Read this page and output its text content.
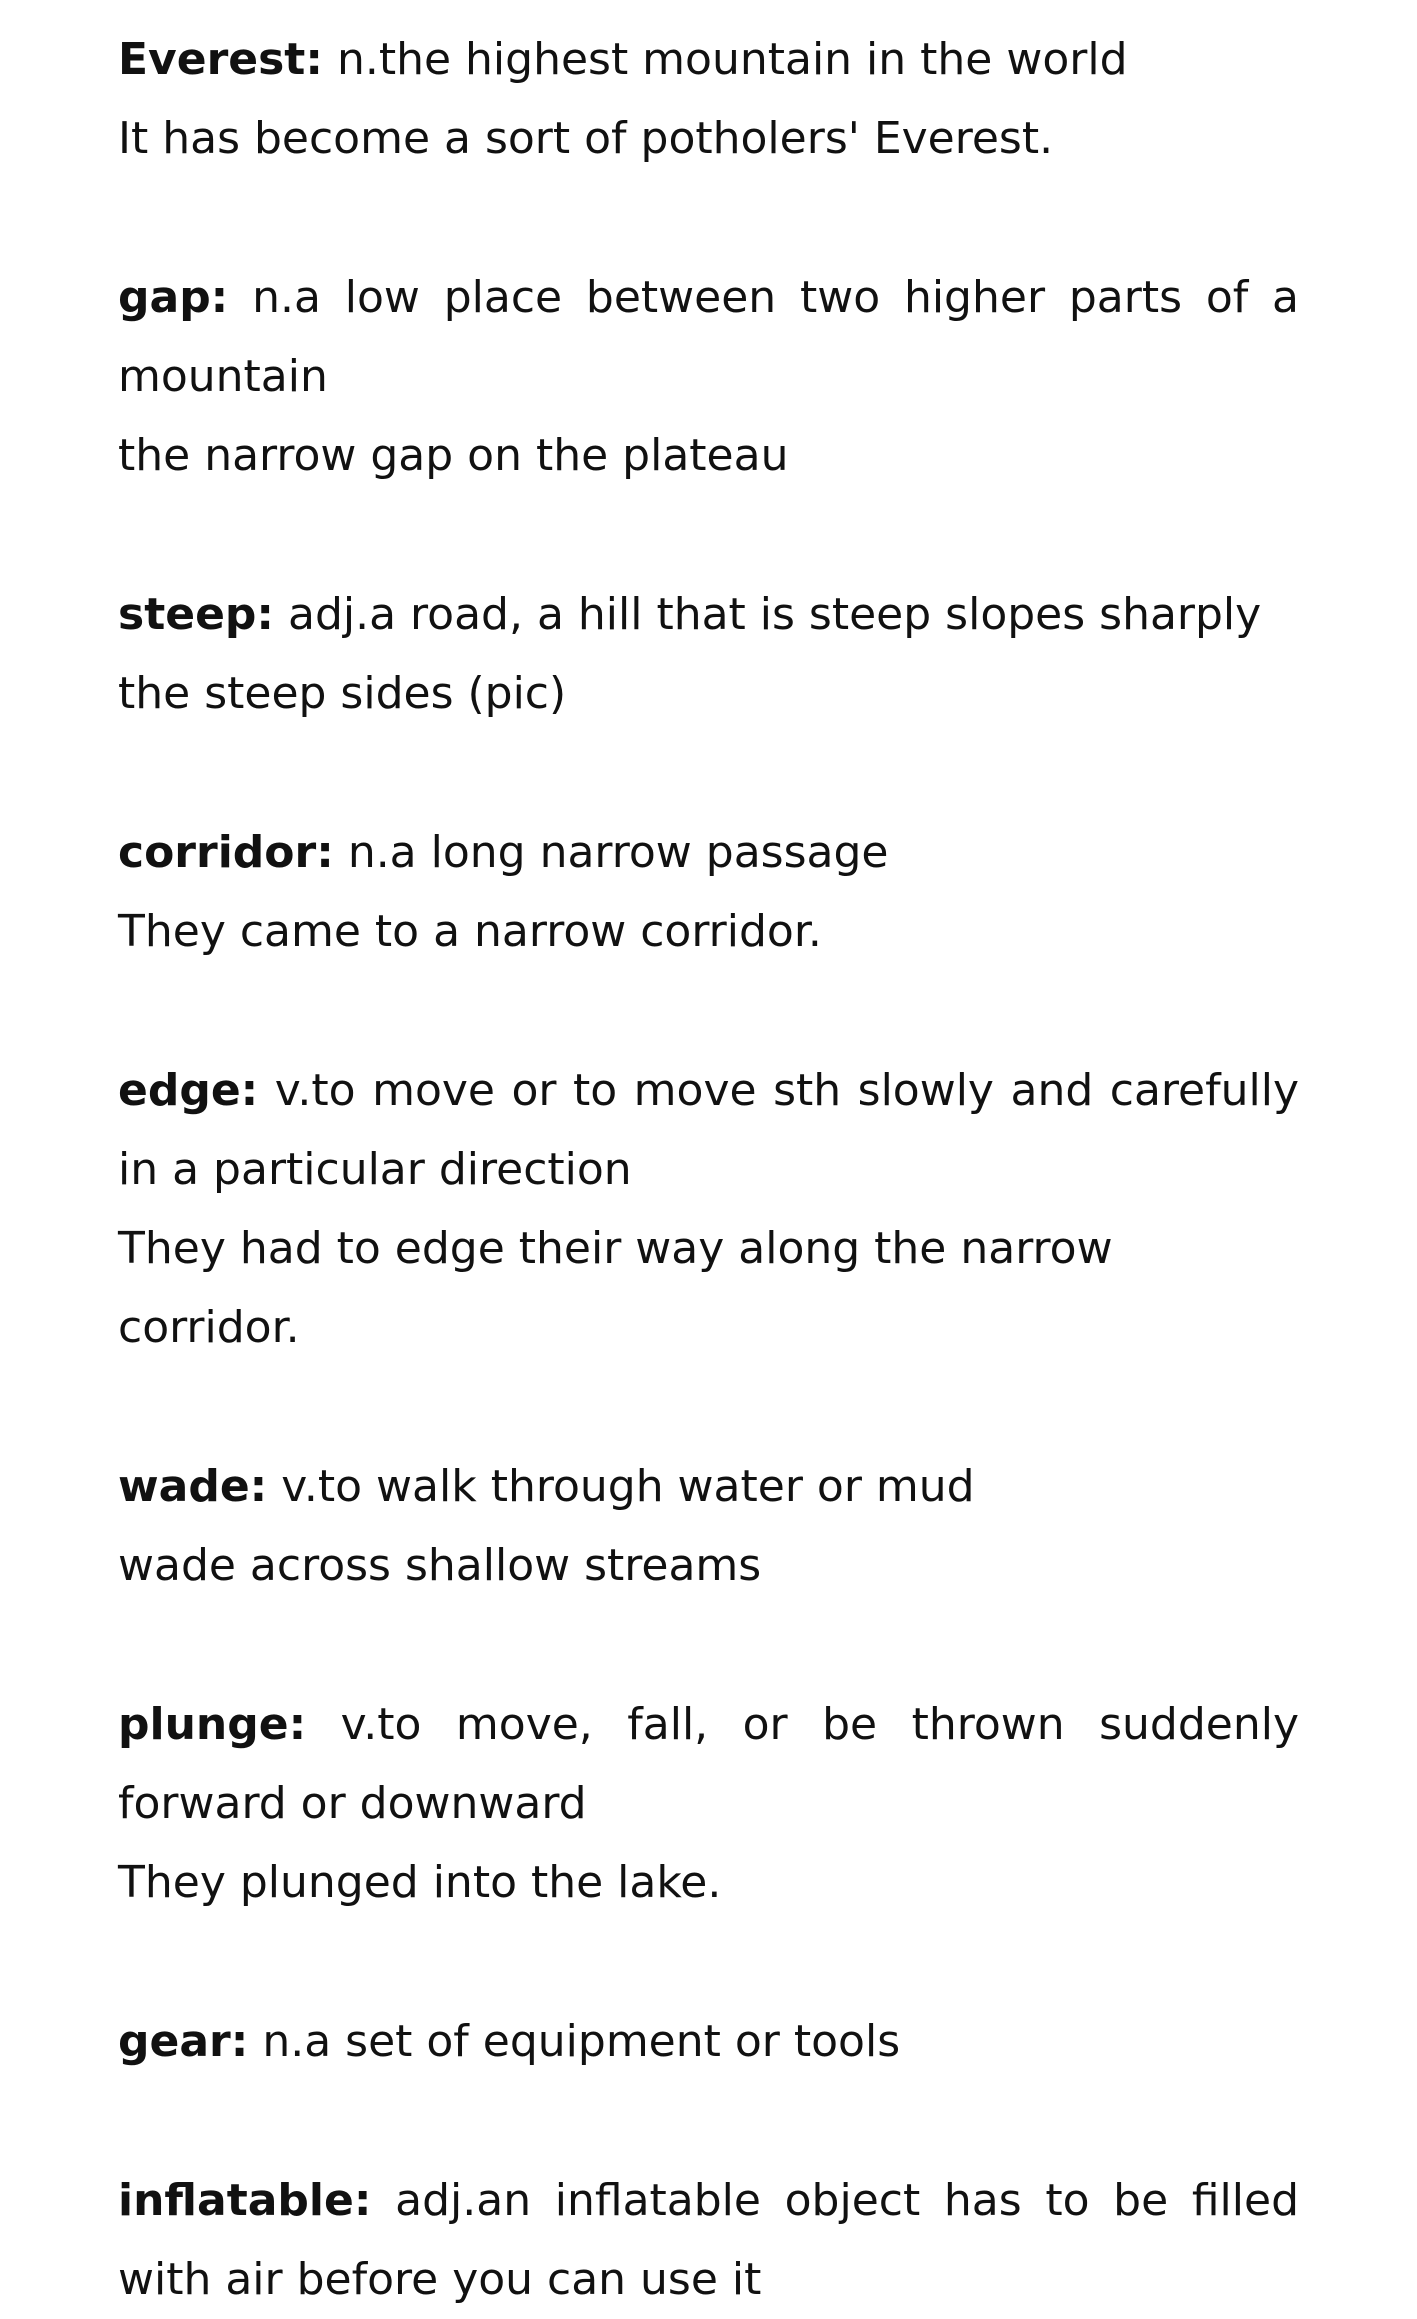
Everest: n.the highest mountain in the world

It has become a sort of potholers' Everest.

gap: n.a low place between two higher parts of a mountain

the narrow gap on the plateau

steep: adj.a road, a hill that is steep slopes sharply

the steep sides (pic)

corridor: n.a long narrow passage

They came to a narrow corridor.

edge: v.to move or to move sth slowly and carefully in a particular direction

They had to edge their way along the narrow corridor.

wade: v.to walk through water or mud

wade across shallow streams

plunge: v.to move, fall, or be thrown suddenly forward or downward

They plunged into the lake.

gear: n.a set of equipment or tools

inflatable: adj.an inflatable object has to be filled with air before you can use it
